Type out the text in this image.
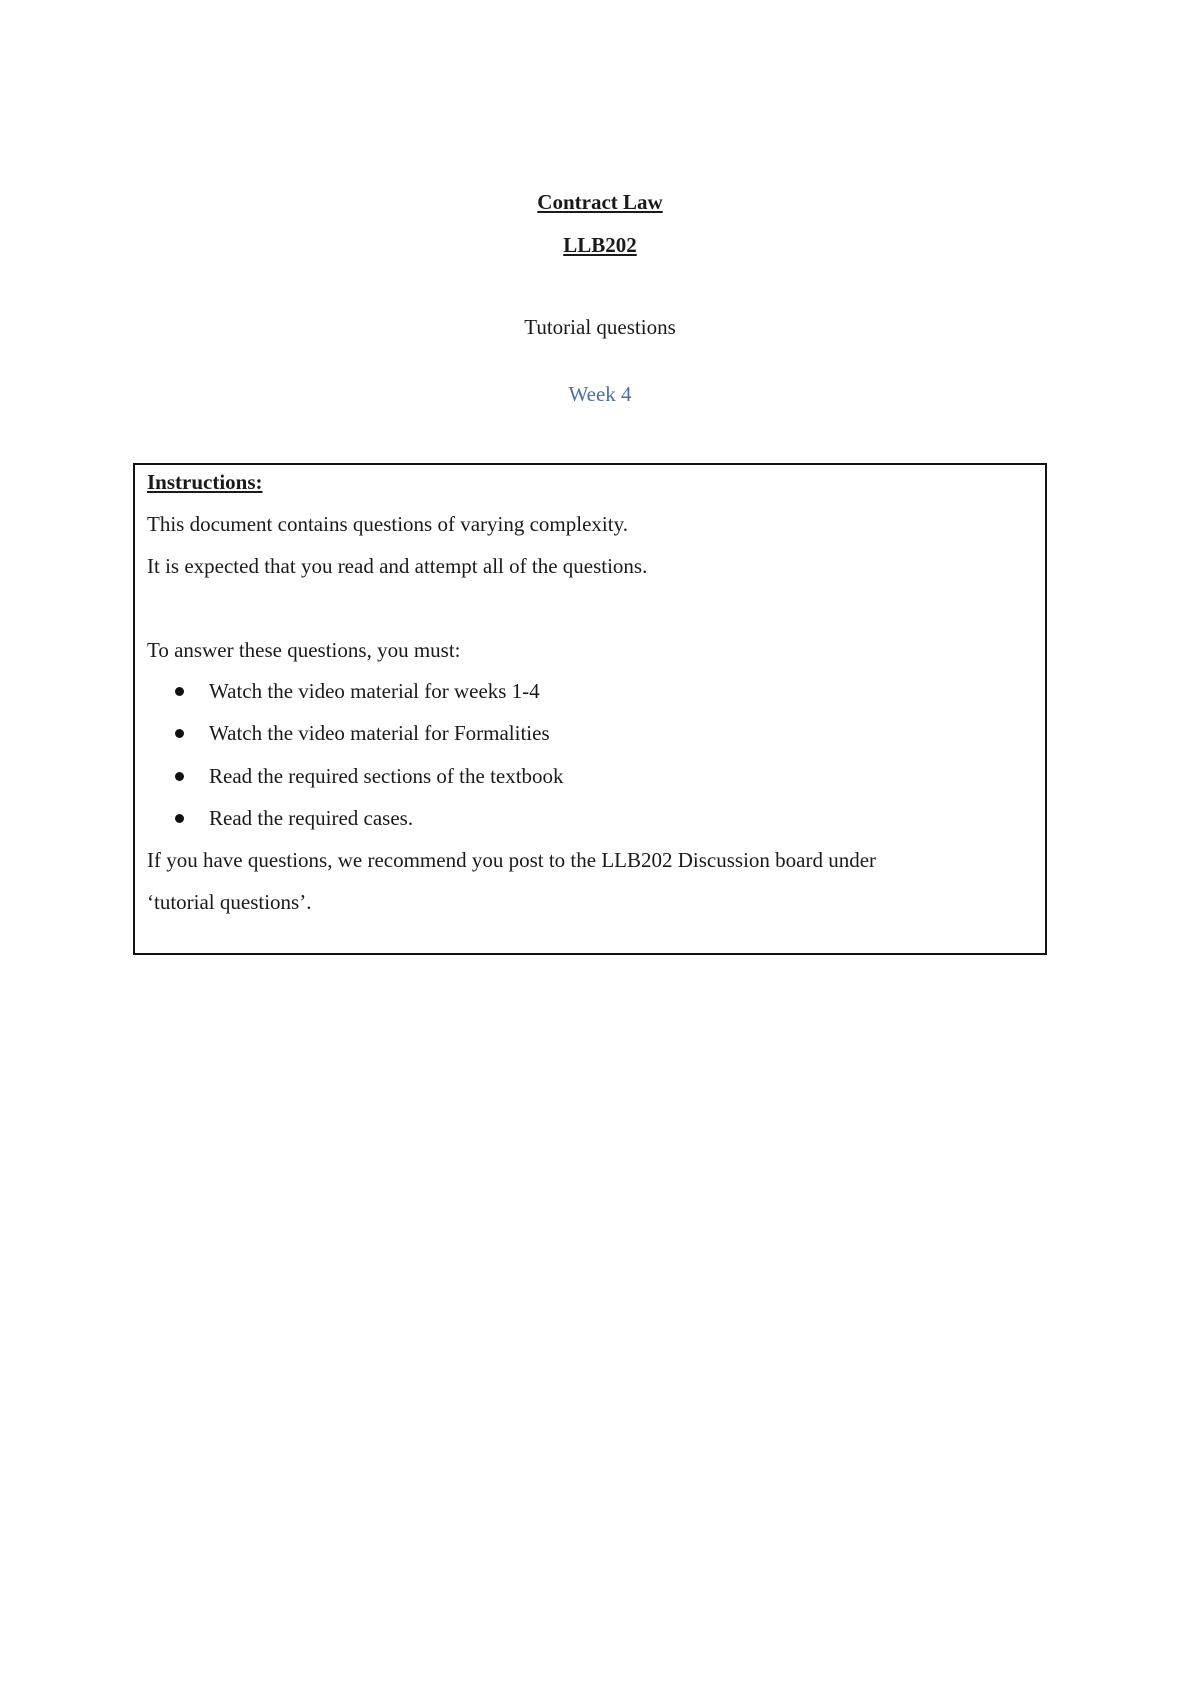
Contract Law
LLB202
Tutorial questions
Week 4
Instructions:
This document contains questions of varying complexity.
It is expected that you read and attempt all of the questions.
To answer these questions, you must:
Watch the video material for weeks 1-4
Watch the video material for Formalities
Read the required sections of the textbook
Read the required cases.
If you have questions, we recommend you post to the LLB202 Discussion board under
‘tutorial questions’.
